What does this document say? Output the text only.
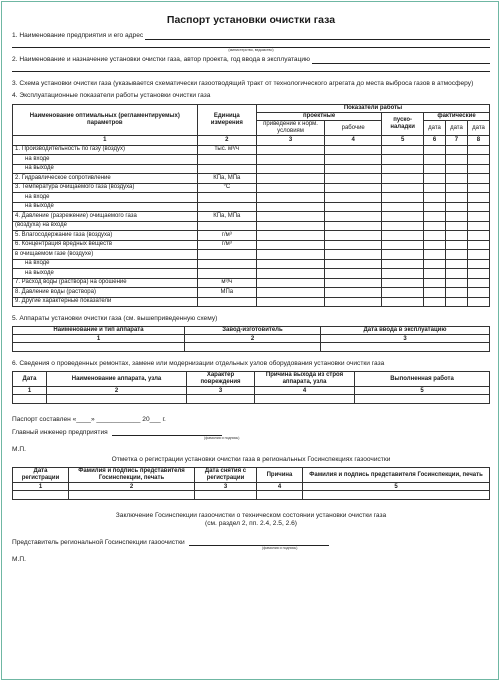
Паспорт установки очистки газа
1. Наименование предприятия и его адрес
(министерство, ведомство)
2. Наименование и назначение установки очистки газа, автор проекта, год ввода в эксплуатацию
3. Схема установки очистки газа (указывается схематически газоотводящий тракт от технологического агрегата до места выброса газов в атмосферу)
4. Эксплуатационные показатели работы установки очистки газа
Наименование оптимальных (регламентируемых) параметров	Единица измерения	Показатели работы					
		проектные		пуско- наладки	фактические		
		приведение к норм. условиям	рабочие		дата	дата	дата
1	2	3	4	5	6	7	8
1. Производительность по газу (воздух)	тыс. м³/ч						
на входе							
на выходе							
2. Гидравлическое сопротивление	КПа, МПа						
3. Температура очищаемого газа (воздуха)	°С						
на входе							
на выходе							
4. Давление (разрежение) очищаемого газа	КПа, МПа						
(воздуха) на входе							
5. Влагосодержание газа (воздуха)	г/м³						
6. Концентрация вредных веществ	г/м³						
в очищаемом газе (воздухе)							
на входе							
на выходе							
7. Расход воды (раствора) на орошение	м³/ч						
8. Давление воды (раствора)	МПа						
9. Другие характерные показатели							
5. Аппараты установки очистки газа (см. вышеприведенную схему)
Наименование и тип аппарата	Завод-изготовитель	Дата ввода в эксплуатацию
1	2	3

6. Сведения о проведенных ремонтах, замене или модернизации отдельных узлов оборудования установки очистки газа
Дата	Наименование аппарата, узла	Характер повреждения	Причина выхода из строя аппарата, узла	Выполненная работа
1	2	3	4	5

Паспорт составлен «____» ____________ 20___ г.
Главный инженер предприятия
(фамилия и подпись)
М.П.
Отметка о регистрации установки очистки газа в региональных Госинспекциях газоочистки
Дата регистрации	Фамилия и подпись представителя Госинспекции, печать	Дата снятия с регистрации	Причина	Фамилия и подпись представителя Госинспекции, печать
1	2	3	4	5

Заключение Госинспекции газоочистки о техническом состоянии установки очистки газа
(см. раздел 2, пп. 2.4, 2.5, 2.6)
Представитель региональной Госинспекции газоочистки
(фамилия и подпись)
М.П.
